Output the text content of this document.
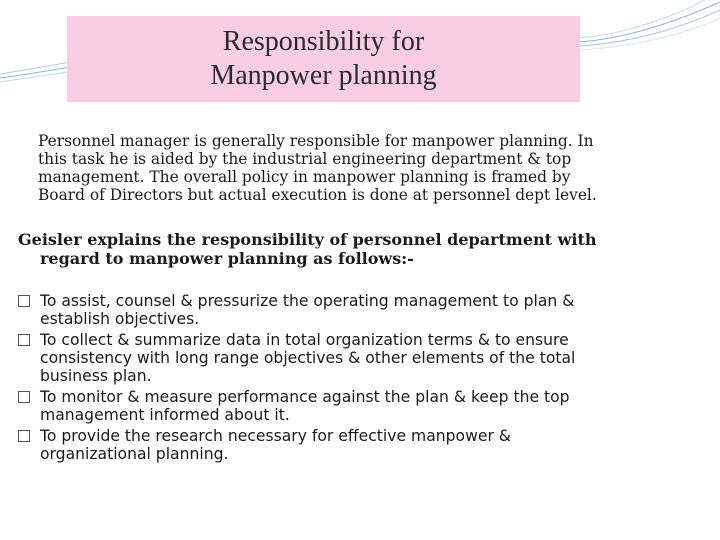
Responsibility for
Manpower planning
Personnel manager is generally responsible for manpower planning. In
this task he is aided by the industrial engineering department & top
management. The overall policy in manpower planning is framed by
Board of Directors but actual execution is done at personnel dept level.
Geisler explains the responsibility of personnel department with
regard to manpower planning as follows:-
To assist, counsel & pressurize the operating management to plan &
establish objectives.
To collect & summarize data in total organization terms & to ensure
consistency with long range objectives & other elements of the total
business plan.
To monitor & measure performance against the plan & keep the top
management informed about it.
To provide the research necessary for effective manpower &
organizational planning.
